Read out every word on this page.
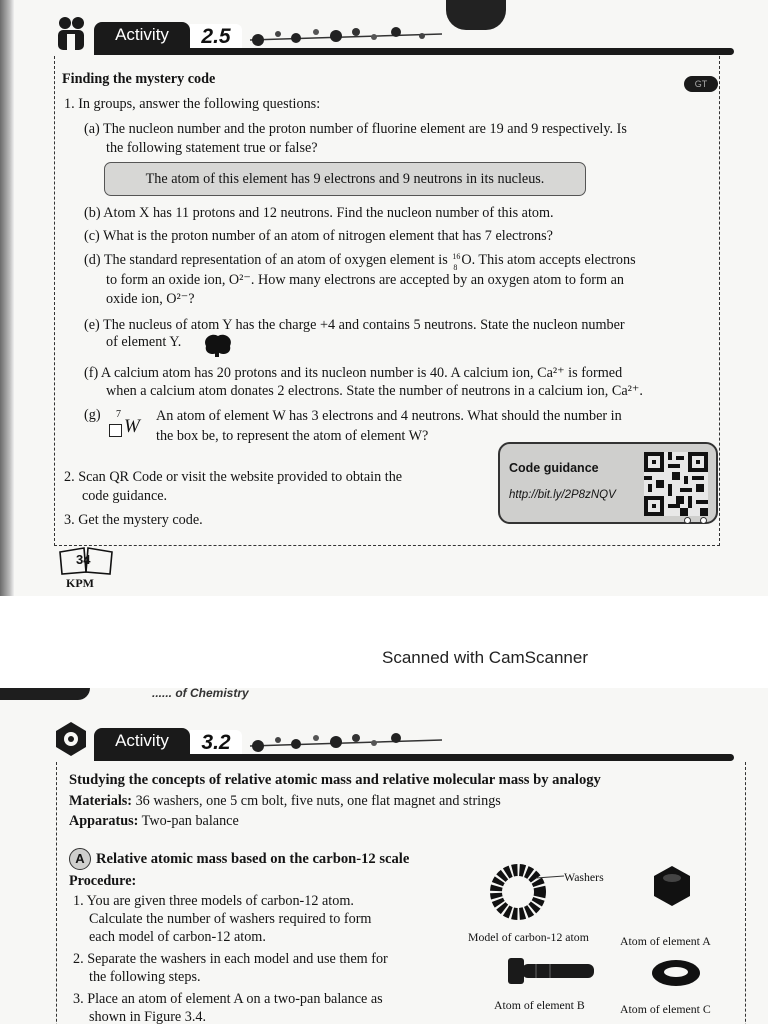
Activity	2.5
GT
Finding the mystery code
1. In groups, answer the following questions:
(a) The nucleon number and the proton number of fluorine element are 19 and 9 respectively. Is
the following statement true or false?
The atom of this element has 9 electrons and 9 neutrons in its nucleus.
(b) Atom X has 11 protons and 12 neutrons. Find the nucleon number of this atom.
(c) What is the proton number of an atom of nitrogen element that has 7 electrons?
(d) The standard representation of an atom of oxygen element is 16
8 O. This atom accepts electrons
to form an oxide ion, O²⁻. How many electrons are accepted by an oxygen atom to form an
oxide ion, O²⁻?
(e) The nucleus of atom Y has the charge +4 and contains 5 neutrons. State the nucleon number
of element Y.
(f) A calcium atom has 20 protons and its nucleon number is 40. A calcium ion, Ca²⁺ is formed
when a calcium atom donates 2 electrons. State the number of neutrons in a calcium ion, Ca²⁺.
(g) 7
W An atom of element W has 3 electrons and 4 neutrons. What should the number in
the box be, to represent the atom of element W?
2. Scan QR Code or visit the website provided to obtain the
code guidance.
3. Get the mystery code.
Code guidance
http://bit.ly/2P8zNQV
34
KPM
Scanned with CamScanner
...... of Chemistry
Activity	3.2
Studying the concepts of relative atomic mass and relative molecular mass by analogy
Materials: 36 washers, one 5 cm bolt, five nuts, one flat magnet and strings
Apparatus: Two-pan balance
A Relative atomic mass based on the carbon-12 scale
Procedure:
1. You are given three models of carbon-12 atom.
Calculate the number of washers required to form
each model of carbon-12 atom.
2. Separate the washers in each model and use them for
the following steps.
3. Place an atom of element A on a two-pan balance as
shown in Figure 3.4.
Washers
Model of carbon-12 atom	Atom of element A
Atom of element B	Atom of element C
